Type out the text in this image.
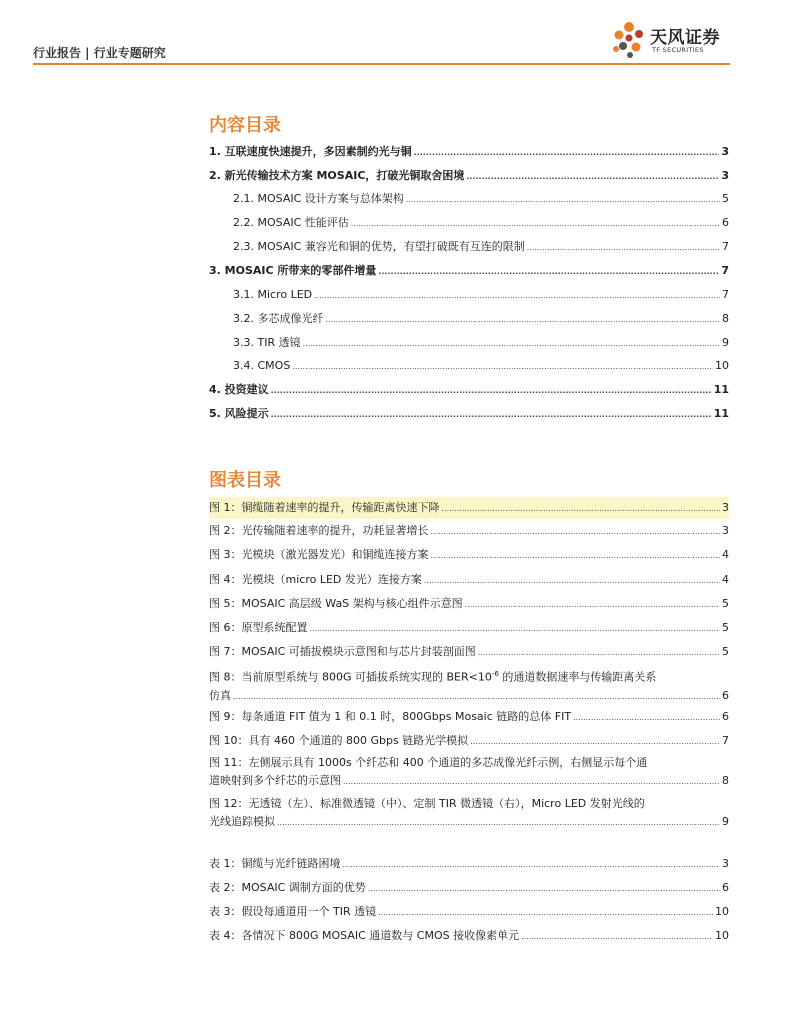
行业报告 | 行业专题研究
天风证券
TF SECURITIES
内容目录
1. 互联速度快速提升，多因素制约光与铜 .....	3
2. 新光传输技术方案 MOSAIC，打破光铜取舍困境 .....	3
2.1. MOSAIC 设计方案与总体架构 .....	5
2.2. MOSAIC 性能评估 .....	6
2.3. MOSAIC 兼容光和铜的优势，有望打破既有互连的限制 .....	7
3. MOSAIC 所带来的零部件增量 .....	7
3.1. Micro LED .....	7
3.2. 多芯成像光纤 .....	8
3.3. TIR 透镜 .....	9
3.4. CMOS .....	10
4. 投资建议 .....	11
5. 风险提示 .....	11
图表目录
图 1：铜缆随着速率的提升，传输距离快速下降 .....	3
图 2：光传输随着速率的提升，功耗显著增长 .....	3
图 3：光模块（激光器发光）和铜缆连接方案 .....	4
图 4：光模块（micro LED 发光）连接方案 .....	4
图 5：MOSAIC 高层级 WaS 架构与核心组件示意图 .....	5
图 6：原型系统配置 .....	5
图 7：MOSAIC 可插拔模块示意图和与芯片封装剖面图 .....	5
图 8：当前原型系统与 800G 可插拔系统实现的 $BER<10^{-6}$ 的通道数据速率与传输距离关系
仿真 .....	6
图 9：每条通道 FIT 值为 1 和 0.1 时，800Gbps Mosaic 链路的总体 FIT .....	6
图 10：具有 460 个通道的 800 Gbps 链路光学模拟 .....	7
图 11：左侧展示具有 1000s 个纤芯和 400 个通道的多芯成像光纤示例，右侧显示每个通
道映射到多个纤芯的示意图 .....	8
图 12：无透镜（左）、标准微透镜（中）、定制 TIR 微透镜（右），Micro LED 发射光线的
光线追踪模拟 .....	9
表 1：铜缆与光纤链路困境 .....	3
表 2：MOSAIC 调制方面的优势 .....	6
表 3：假设每通道用一个 TIR 透镜 .....	10
表 4：各情况下 800G MOSAIC 通道数与 CMOS 接收像素单元 .....	10
